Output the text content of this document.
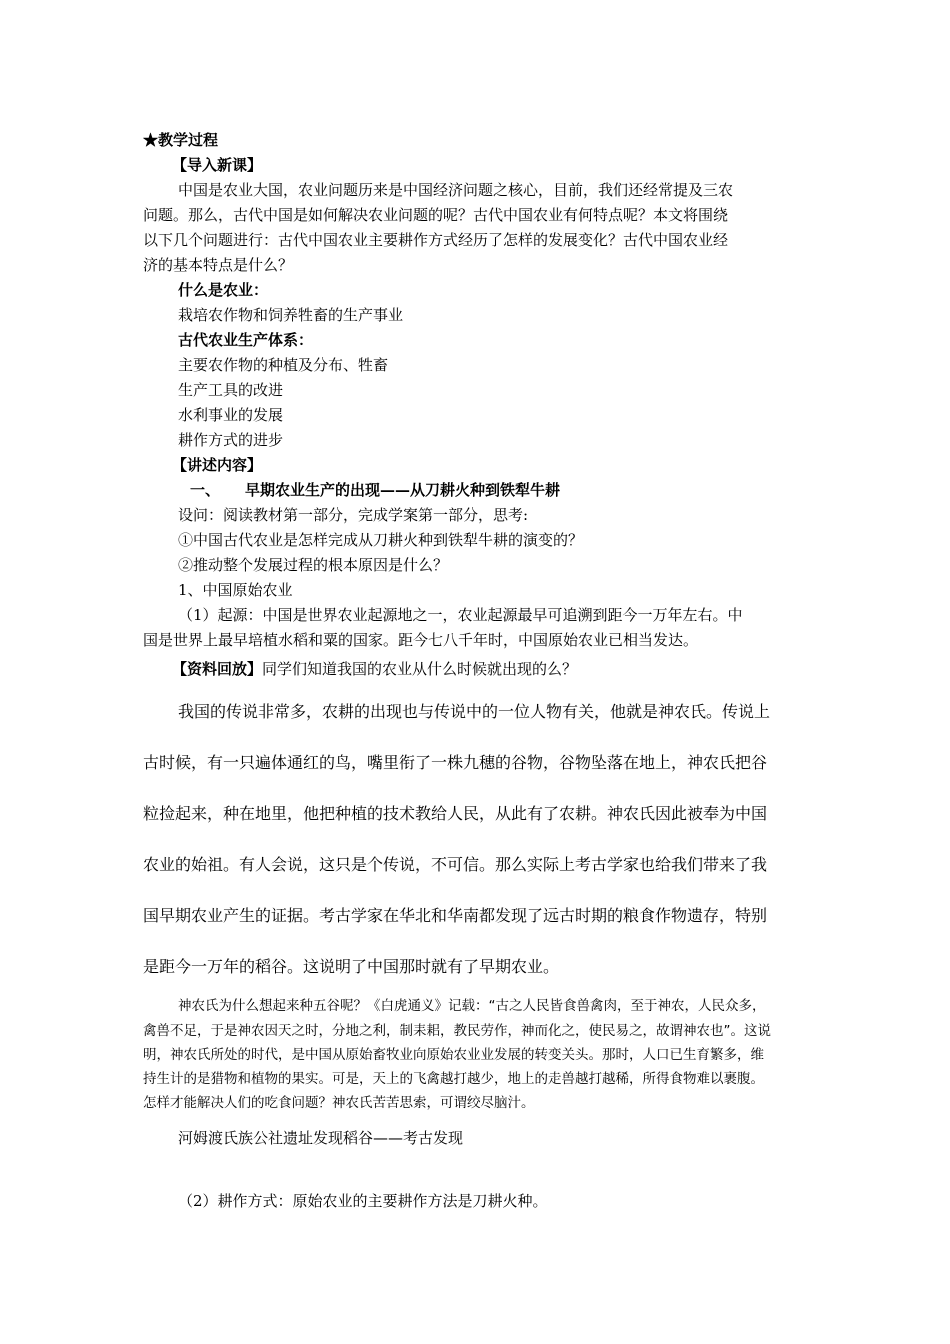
★教学过程
【导入新课】
中国是农业大国，农业问题历来是中国经济问题之核心，目前，我们还经常提及三农
问题。那么，古代中国是如何解决农业问题的呢？古代中国农业有何特点呢？本文将围绕
以下几个问题进行：古代中国农业主要耕作方式经历了怎样的发展变化？古代中国农业经
济的基本特点是什么？
什么是农业：
栽培农作物和饲养牲畜的生产事业
古代农业生产体系：
主要农作物的种植及分布、牲畜
生产工具的改进
水利事业的发展
耕作方式的进步
【讲述内容】
一、 早期农业生产的出现——从刀耕火种到铁犁牛耕
设问：阅读教材第一部分，完成学案第一部分，思考:
①中国古代农业是怎样完成从刀耕火种到铁犁牛耕的演变的？
②推动整个发展过程的根本原因是什么？
1、中国原始农业
（1）起源：中国是世界农业起源地之一，农业起源最早可追溯到距今一万年左右。中
国是世界上最早培植水稻和粟的国家。距今七八千年时，中国原始农业已相当发达。
【资料回放】同学们知道我国的农业从什么时候就出现的么？
我国的传说非常多，农耕的出现也与传说中的一位人物有关，他就是神农氏。传说上
古时候，有一只遍体通红的鸟，嘴里衔了一株九穗的谷物，谷物坠落在地上，神农氏把谷
粒捡起来，种在地里，他把种植的技术教给人民，从此有了农耕。神农氏因此被奉为中国
农业的始祖。有人会说，这只是个传说，不可信。那么实际上考古学家也给我们带来了我
国早期农业产生的证据。考古学家在华北和华南都发现了远古时期的粮食作物遗存，特别
是距今一万年的稻谷。这说明了中国那时就有了早期农业。
神农氏为什么想起来种五谷呢？《白虎通义》记载：“古之人民皆食兽禽肉，至于神农，人民众多，
禽兽不足，于是神农因天之时，分地之利，制耒耜，教民劳作，神而化之，使民易之，故谓神农也”。这说
明，神农氏所处的时代，是中国从原始畜牧业向原始农业业发展的转变关头。那时，人口已生育繁多，维
持生计的是猎物和植物的果实。可是，天上的飞禽越打越少，地上的走兽越打越稀，所得食物难以裹腹。
怎样才能解决人们的吃食问题？神农氏苦苦思索，可谓绞尽脑汁。
河姆渡氏族公社遗址发现稻谷——考古发现
（2）耕作方式：原始农业的主要耕作方法是刀耕火种。
